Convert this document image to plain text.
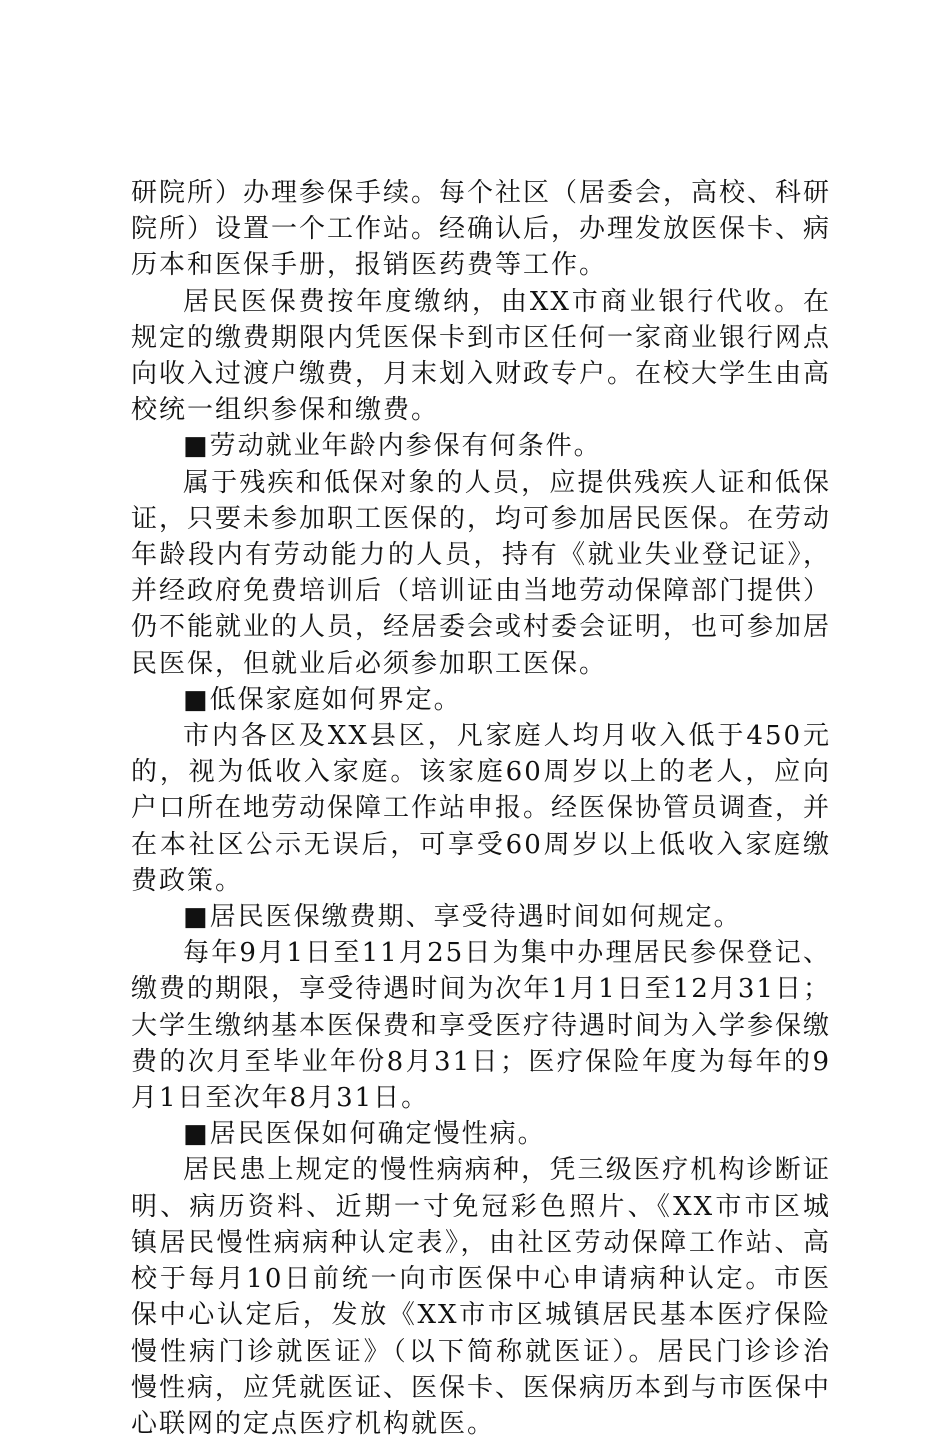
研院所）办理参保手续。每个社区（居委会，高校、科研院所）设置一个工作站。经确认后，办理发放医保卡、病历本和医保手册，报销医药费等工作。

居民医保费按年度缴纳，由XX市商业银行代收。在规定的缴费期限内凭医保卡到市区任何一家商业银行网点向收入过渡户缴费，月末划入财政专户。在校大学生由高校统一组织参保和缴费。

■劳动就业年龄内参保有何条件。

属于残疾和低保对象的人员，应提供残疾人证和低保证，只要未参加职工医保的，均可参加居民医保。在劳动年龄段内有劳动能力的人员，持有《就业失业登记证》，并经政府免费培训后（培训证由当地劳动保障部门提供）仍不能就业的人员，经居委会或村委会证明，也可参加居民医保，但就业后必须参加职工医保。

■低保家庭如何界定。

市内各区及XX县区，凡家庭人均月收入低于450元的，视为低收入家庭。该家庭60周岁以上的老人，应向户口所在地劳动保障工作站申报。经医保协管员调查，并在本社区公示无误后，可享受60周岁以上低收入家庭缴费政策。

■居民医保缴费期、享受待遇时间如何规定。

每年9月1日至11月25日为集中办理居民参保登记、缴费的期限，享受待遇时间为次年1月1日至12月31日；大学生缴纳基本医保费和享受医疗待遇时间为入学参保缴费的次月至毕业年份8月31日；医疗保险年度为每年的9月1日至次年8月31日。

■居民医保如何确定慢性病。

居民患上规定的慢性病病种，凭三级医疗机构诊断证明、病历资料、近期一寸免冠彩色照片、《XX市市区城镇居民慢性病病种认定表》，由社区劳动保障工作站、高校于每月10日前统一向市医保中心申请病种认定。市医保中心认定后，发放《XX市市区城镇居民基本医疗保险慢性病门诊就医证》（以下简称就医证）。居民门诊诊治慢性病，应凭就医证、医保卡、医保病历本到与市医保中心联网的定点医疗机构就医。
